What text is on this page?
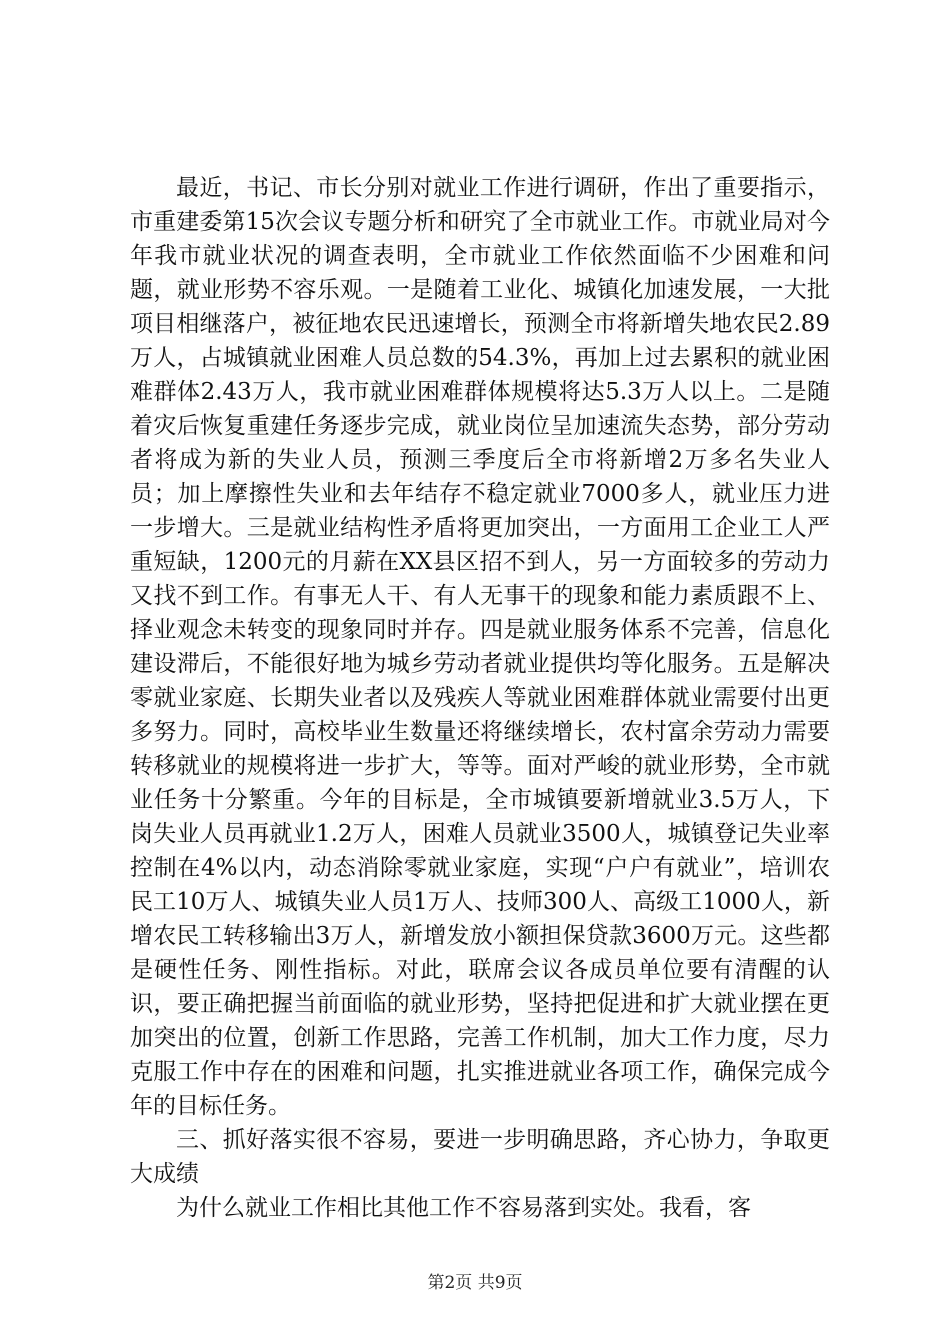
最近，书记、市长分别对就业工作进行调研，作出了重要指示，市重建委第15次会议专题分析和研究了全市就业工作。市就业局对今年我市就业状况的调查表明，全市就业工作依然面临不少困难和问题，就业形势不容乐观。一是随着工业化、城镇化加速发展，一大批项目相继落户，被征地农民迅速增长，预测全市将新增失地农民2.89万人，占城镇就业困难人员总数的54.3%，再加上过去累积的就业困难群体2.43万人，我市就业困难群体规模将达5.3万人以上。二是随着灾后恢复重建任务逐步完成，就业岗位呈加速流失态势，部分劳动者将成为新的失业人员，预测三季度后全市将新增2万多名失业人员；加上摩擦性失业和去年结存不稳定就业7000多人，就业压力进一步增大。三是就业结构性矛盾将更加突出，一方面用工企业工人严重短缺，1200元的月薪在XX县区招不到人，另一方面较多的劳动力又找不到工作。有事无人干、有人无事干的现象和能力素质跟不上、择业观念未转变的现象同时并存。四是就业服务体系不完善，信息化建设滞后，不能很好地为城乡劳动者就业提供均等化服务。五是解决零就业家庭、长期失业者以及残疾人等就业困难群体就业需要付出更多努力。同时，高校毕业生数量还将继续增长，农村富余劳动力需要转移就业的规模将进一步扩大，等等。面对严峻的就业形势，全市就业任务十分繁重。今年的目标是，全市城镇要新增就业3.5万人，下岗失业人员再就业1.2万人，困难人员就业3500人，城镇登记失业率控制在4%以内，动态消除零就业家庭，实现“户户有就业”，培训农民工10万人、城镇失业人员1万人、技师300人、高级工1000人，新增农民工转移输出3万人，新增发放小额担保贷款3600万元。这些都是硬性任务、刚性指标。对此，联席会议各成员单位要有清醒的认识，要正确把握当前面临的就业形势，坚持把促进和扩大就业摆在更加突出的位置，创新工作思路，完善工作机制，加大工作力度，尽力克服工作中存在的困难和问题，扎实推进就业各项工作，确保完成今年的目标任务。

三、抓好落实很不容易，要进一步明确思路，齐心协力，争取更大成绩

为什么就业工作相比其他工作不容易落到实处。我看，客

第2页 共9页
